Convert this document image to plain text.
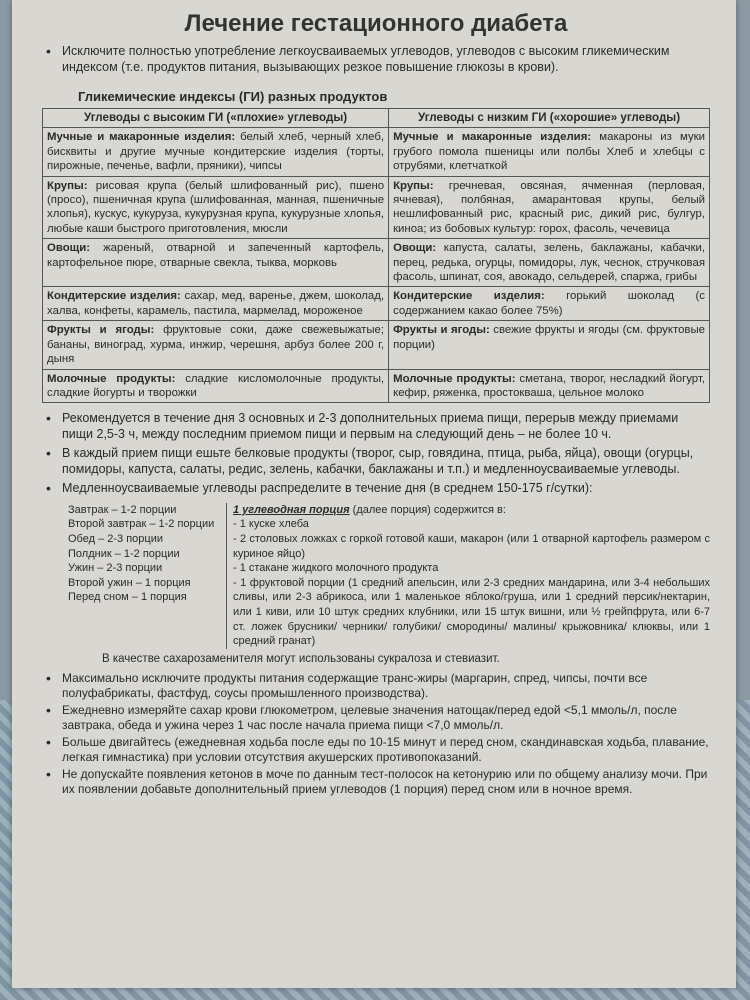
Лечение гестационного диабета
• Исключите полностью употребление легкоусваиваемых углеводов, углеводов с высоким гликемическим индексом (т.е. продуктов питания, вызывающих резкое повышение глюкозы в крови).
Гликемические индексы (ГИ) разных продуктов
Углеводы с высоким ГИ («плохие» углеводы)	Углеводы с низким ГИ («хорошие» углеводы)
Мучные и макаронные изделия: белый хлеб, черный хлеб, бисквиты и другие мучные кондитерские изделия (торты, пирожные, печенье, вафли, пряники), чипсы	Мучные и макаронные изделия: макароны из муки грубого помола пшеницы или полбы Хлеб и хлебцы с отрубями, клетчаткой
Крупы: рисовая крупа (белый шлифованный рис), пшено (просо), пшеничная крупа (шлифованная, манная, пшеничные хлопья), кускус, кукуруза, кукурузная крупа, кукурузные хлопья, любые каши быстрого приготовления, мюсли	Крупы: гречневая, овсяная, ячменная (перловая, ячневая), полбяная, амарантовая крупы, белый нешлифованный рис, красный рис, дикий рис, булгур, киноа; из бобовых культур: горох, фасоль, чечевица
Овощи: жареный, отварной и запеченный картофель, картофельное пюре, отварные свекла, тыква, морковь	Овощи: капуста, салаты, зелень, баклажаны, кабачки, перец, редька, огурцы, помидоры, лук, чеснок, стручковая фасоль, шпинат, соя, авокадо, сельдерей, спаржа, грибы
Кондитерские изделия: сахар, мед, варенье, джем, шоколад, халва, конфеты, карамель, пастила, мармелад, мороженое	Кондитерские изделия: горький шоколад (с содержанием какао более 75%)
Фрукты и ягоды: фруктовые соки, даже свежевыжатые; бананы, виноград, хурма, инжир, черешня, арбуз более 200 г, дыня	Фрукты и ягоды: свежие фрукты и ягоды (см. фруктовые порции)
Молочные продукты: сладкие кисломолочные продукты, сладкие йогурты и творожки	Молочные продукты: сметана, творог, несладкий йогурт, кефир, ряженка, простокваша, цельное молоко
• Рекомендуется в течение дня 3 основных и 2-3 дополнительных приема пищи, перерыв между приемами пищи 2,5-3 ч, между последним приемом пищи и первым на следующий день – не более 10 ч.
• В каждый прием пищи ешьте белковые продукты (творог, сыр, говядина, птица, рыба, яйца), овощи (огурцы, помидоры, капуста, салаты, редис, зелень, кабачки, баклажаны и т.п.) и медленноусваиваемые углеводы.
• Медленноусваиваемые углеводы распределите в течение дня (в среднем 150-175 г/сутки):
Завтрак – 1-2 порции
Второй завтрак – 1-2 порции
Обед – 2-3 порции
Полдник – 1-2 порции
Ужин – 2-3 порции
Второй ужин – 1 порция
Перед сном – 1 порция
1 углеводная порция (далее порция) содержится в:
- 1 куске хлеба
- 2 столовых ложках с горкой готовой каши, макарон (или 1 отварной картофель размером с куриное яйцо)
- 1 стакане жидкого молочного продукта
- 1 фруктовой порции (1 средний апельсин, или 2-3 средних мандарина, или 3-4 небольших сливы, или 2-3 абрикоса, или 1 маленькое яблоко/груша, или 1 средний персик/нектарин, или 1 киви, или 10 штук средних клубники, или 15 штук вишни, или ½ грейпфрута, или 6-7 ст. ложек брусники/ черники/ голубики/ смородины/ малины/ крыжовника/ клюквы, или 1 средний гранат)
В качестве сахарозаменителя могут использованы сукралоза и стевиазит.
• Максимально исключите продукты питания содержащие транс-жиры (маргарин, спред, чипсы, почти все полуфабрикаты, фастфуд, соусы промышленного производства).
• Ежедневно измеряйте сахар крови глюкометром, целевые значения натощак/перед едой <5,1 ммоль/л, после завтрака, обеда и ужина через 1 час после начала приема пищи <7,0 ммоль/л.
• Больше двигайтесь (ежедневная ходьба после еды по 10-15 минут и перед сном, скандинавская ходьба, плавание, легкая гимнастика) при условии отсутствия акушерских противопоказаний.
• Не допускайте появления кетонов в моче по данным тест-полосок на кетонурию или по общему анализу мочи. При их появлении добавьте дополнительный прием углеводов (1 порция) перед сном или в ночное время.
